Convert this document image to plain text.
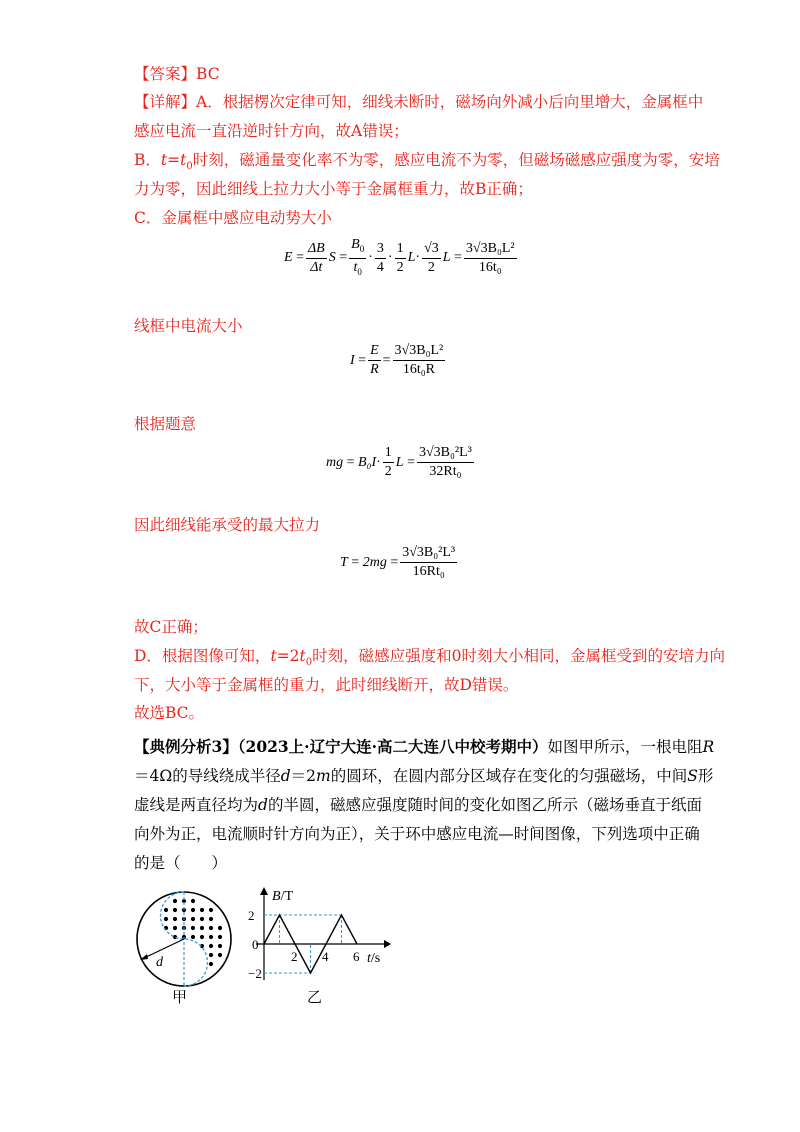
【答案】BC
【详解】A．根据楞次定律可知，细线未断时，磁场向外减小后向里增大，金属框中
感应电流一直沿逆时针方向，故A错误；
B．$t=t_0$时刻，磁通量变化率不为零，感应电流不为零，但磁场磁感应强度为零，安培
力为零，因此细线上拉力大小等于金属框重力，故B正确；
C．金属框中感应电动势大小
E
= $\frac{\Delta B}{\Delta t}$ S
= $\frac{B_0}{t_0} \cdot \frac{3}{4} \cdot \frac{1}{2}$ $L \cdot \frac{√3}{2}$ L
= $\frac{\text{3√3B₀L²}}{\text{16t₀}}$
线框中电流大小
I
= $\frac{E}{R} = \frac{\text{3√3B₀L²}}{\text{16t₀R}}$
根据题意
mg
=
$B_0I \cdot \frac{1}{2}$ L
= $\frac{\text{3√3B₀²L³}}{\text{32Rt₀}}$
因此细线能承受的最大拉力
T
=
2mg
= $\frac{\text{3√3B₀²L³}}{\text{16Rt₀}}$
故C正确；
D．根据图像可知，$t=2t_0$时刻，磁感应强度和0时刻大小相同，金属框受到的安培力向
下，大小等于金属框的重力，此时细线断开，故D错误。
故选BC。
【典例分析3】（2023上·辽宁大连·高二大连八中校考期中）如图甲所示，一根电阻R
＝4Ω的导线绕成半径d＝2m的圆环，在圆内部分区域存在变化的匀强磁场，中间S形
虚线是两直径均为d的半圆，磁感应强度随时间的变化如图乙所示（磁场垂直于纸面
向外为正，电流顺时针方向为正），关于环中感应电流—时间图像，下列选项中正确
的是（　　）
d
甲
B/T
t/s
0
2
−2
2 4 6
乙
